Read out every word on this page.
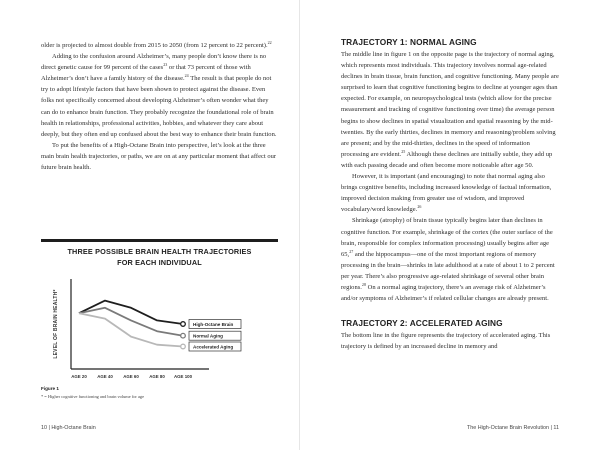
older is projected to almost double from 2015 to 2050 (from 12 percent to 22 percent).$^{22}$

Adding to the confusion around Alzheimer’s, many people don’t know there is no direct genetic cause for 99 percent of the cases$^{23}$ or that 73 percent of those with Alzheimer’s don’t have a family history of the disease.$^{24}$ The result is that people do not try to adopt lifestyle factors that have been shown to protect against the disease. Even folks not specifically concerned about developing Alzheimer’s often wonder what they can do to enhance brain function. They probably recognize the foundational role of brain health in relationships, professional activities, hobbies, and whatever they care about deeply, but they often end up confused about the best way to enhance their brain function.

To put the benefits of a High-Octane Brain into perspective, let’s look at the three main brain health trajectories, or paths, we are on at any particular moment that affect our future brain health.

THREE POSSIBLE BRAIN HEALTH TRAJECTORIES
FOR EACH INDIVIDUAL
LEVEL OF BRAIN HEALTH*
AGE 20 AGE 40 AGE 60 AGE 80 AGE 100
High-Octane Brain
Normal Aging
Accelerated Aging
Figure 1
* = Higher cognitive functioning and brain volume for age
10 | High-Octane Brain
TRAJECTORY 1: NORMAL AGING

The middle line in figure 1 on the opposite page is the trajectory of normal aging, which represents most individuals. This trajectory involves normal age-related declines in brain tissue, brain function, and cognitive functioning. Many people are surprised to learn that cognitive functioning begins to decline at younger ages than expected. For example, on neuropsychological tests (which allow for the precise measurement and tracking of cognitive functioning over time) the average person begins to show declines in spatial visualization and spatial reasoning by the mid-twenties. By the early thirties, declines in memory and reasoning/problem solving are present; and by the mid-thirties, declines in the speed of information processing are evident.$^{25}$ Although these declines are initially subtle, they add up with each passing decade and often become more noticeable after age 50.

However, it is important (and encouraging) to note that normal aging also brings cognitive benefits, including increased knowledge of factual information, improved decision making from greater use of wisdom, and improved vocabulary/word knowledge.$^{26}$

Shrinkage (atrophy) of brain tissue typically begins later than declines in cognitive function. For example, shrinkage of the cortex (the outer surface of the brain, responsible for complex information processing) usually begins after age 65,27 and the hippocampus—one of the most important regions of memory processing in the brain—shrinks in late adulthood at a rate of about 1 to 2 percent per year. There’s also progressive age-related shrinkage of several other brain regions.$^{28}$ On a normal aging trajectory, there’s an average risk of Alzheimer’s and/or symptoms of Alzheimer’s if related cellular changes are already present.

TRAJECTORY 2: ACCELERATED AGING

The bottom line in the figure represents the trajectory of accelerated aging. This trajectory is defined by an increased decline in memory and

The High-Octane Brain Revolution | 11
